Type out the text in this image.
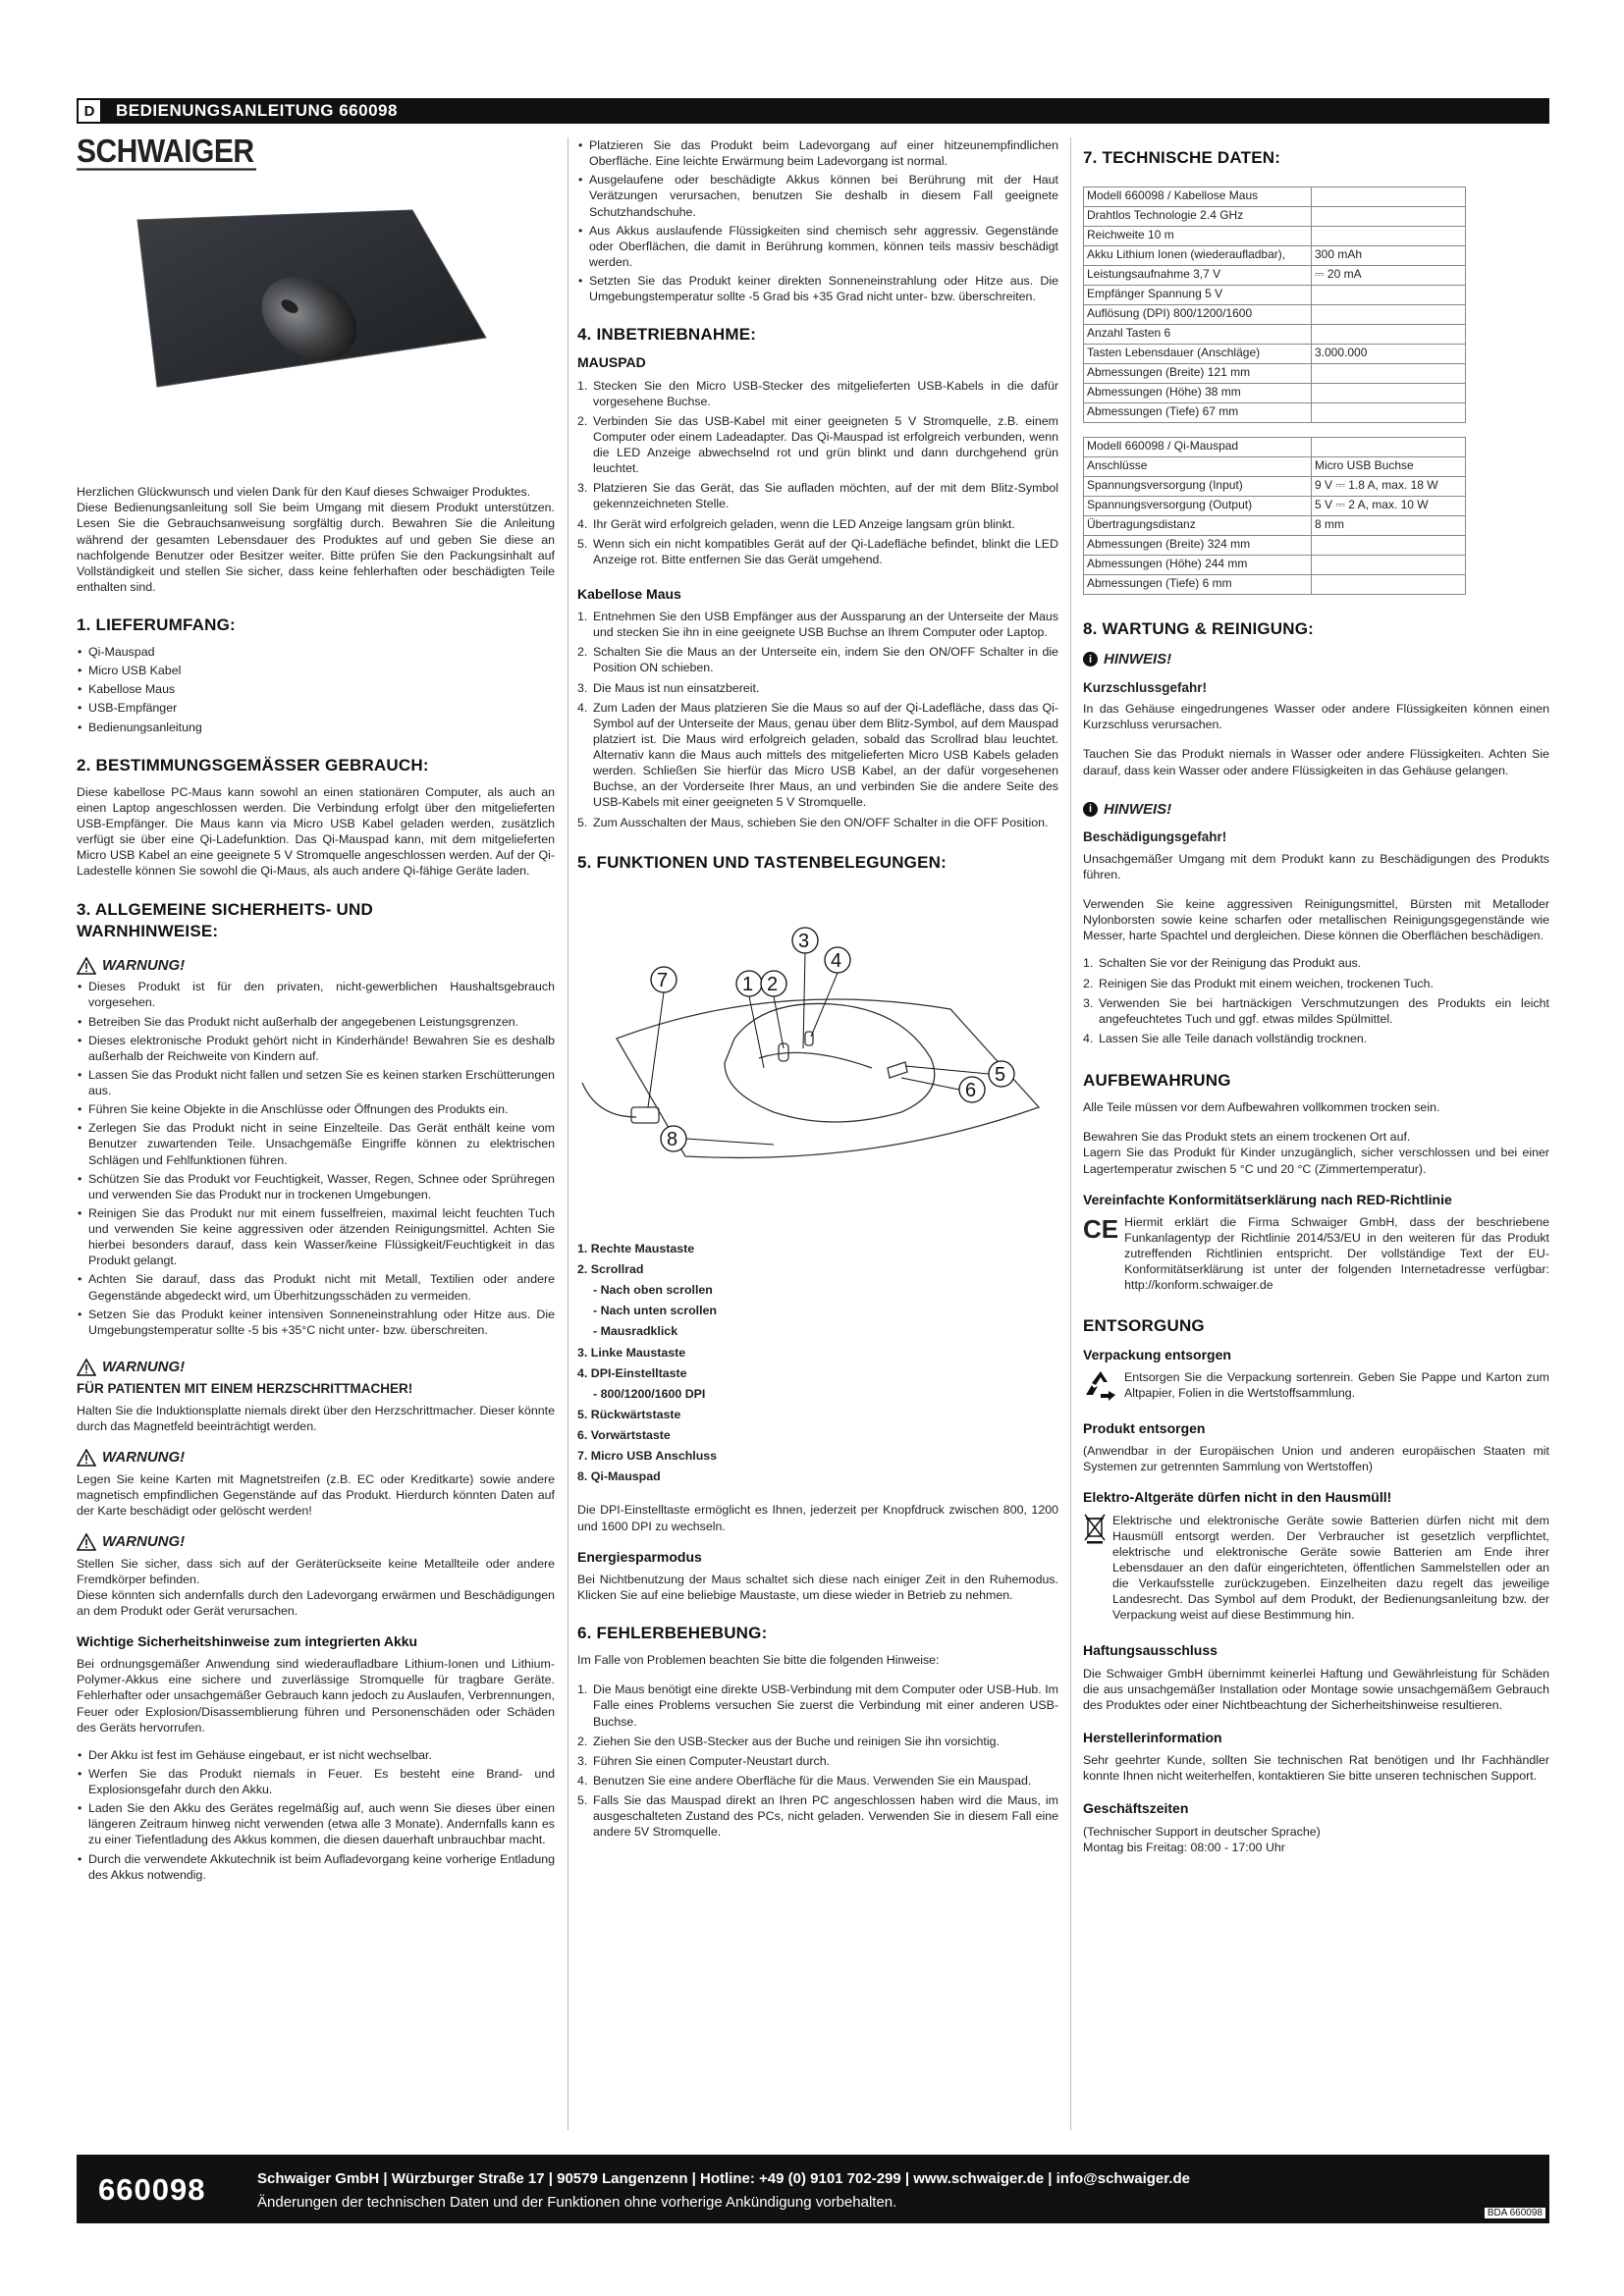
D	BEDIENUNGSANLEITUNG 660098
SCHWAIGER
Herzlichen Glückwunsch und vielen Dank für den Kauf dieses Schwaiger Produktes.
Diese Bedienungsanleitung soll Sie beim Umgang mit diesem Produkt unterstützen. Lesen Sie die Gebrauchsanweisung sorgfältig durch. Bewahren Sie die Anleitung während der gesamten Lebensdauer des Produktes auf und geben Sie diese an nachfolgende Benutzer oder Besitzer weiter. Bitte prüfen Sie den Packungsinhalt auf Vollständigkeit und stellen Sie sicher, dass keine fehlerhaften oder beschädigten Teile enthalten sind.
1. LIEFERUMFANG:
• Qi-Mauspad
• Micro USB Kabel
• Kabellose Maus
• USB-Empfänger
• Bedienungsanleitung
2. BESTIMMUNGSGEMÄSSER GEBRAUCH:

Diese kabellose PC-Maus kann sowohl an einen stationären Computer, als auch an einen Laptop angeschlossen werden. Die Verbindung erfolgt über den mitgelieferten USB-Empfänger. Die Maus kann via Micro USB Kabel geladen werden, zusätzlich verfügt sie über eine Qi-Ladefunktion. Das Qi-Mauspad kann, mit dem mitgelieferten Micro USB Kabel an eine geeignete 5 V Stromquelle angeschlossen werden. Auf der Qi-Ladestelle können Sie sowohl die Qi-Maus, als auch andere Qi-fähige Geräte laden.

3. ALLGEMEINE SICHERHEITS- UND WARNHINWEISE:
WARNUNG!
• Dieses Produkt ist für den privaten, nicht-gewerblichen Haushaltsgebrauch vorgesehen.
• Betreiben Sie das Produkt nicht außerhalb der angegebenen Leistungsgrenzen.
• Dieses elektronische Produkt gehört nicht in Kinderhände! Bewahren Sie es deshalb außerhalb der Reichweite von Kindern auf.
• Lassen Sie das Produkt nicht fallen und setzen Sie es keinen starken Erschütterungen aus.
• Führen Sie keine Objekte in die Anschlüsse oder Öffnungen des Produkts ein.
• Zerlegen Sie das Produkt nicht in seine Einzelteile. Das Gerät enthält keine vom Benutzer zuwartenden Teile. Unsachgemäße Eingriffe können zu elektrischen Schlägen und Fehlfunktionen führen.
• Schützen Sie das Produkt vor Feuchtigkeit, Wasser, Regen, Schnee oder Sprühregen und verwenden Sie das Produkt nur in trockenen Umgebungen.
• Reinigen Sie das Produkt nur mit einem fusselfreien, maximal leicht feuchten Tuch und verwenden Sie keine aggressiven oder ätzenden Reinigungsmittel. Achten Sie hierbei besonders darauf, dass kein Wasser/keine Flüssigkeit/Feuchtigkeit in das Produkt gelangt.
• Achten Sie darauf, dass das Produkt nicht mit Metall, Textilien oder andere Gegenstände abgedeckt wird, um Überhitzungsschäden zu vermeiden.
• Setzen Sie das Produkt keiner intensiven Sonneneinstrahlung oder Hitze aus. Die Umgebungstemperatur sollte -5 bis +35°C nicht unter- bzw. überschreiten.
WARNUNG!
FÜR PATIENTEN MIT EINEM HERZSCHRITTMACHER!

Halten Sie die Induktionsplatte niemals direkt über den Herzschrittmacher. Dieser könnte durch das Magnetfeld beeinträchtigt werden.

WARNUNG!

Legen Sie keine Karten mit Magnetstreifen (z.B. EC oder Kreditkarte) sowie andere magnetisch empfindlichen Gegenstände auf das Produkt. Hierdurch könnten Daten auf der Karte beschädigt oder gelöscht werden!

WARNUNG!

Stellen Sie sicher, dass sich auf der Geräterückseite keine Metallteile oder andere Fremdkörper befinden.
Diese könnten sich andernfalls durch den Ladevorgang erwärmen und Beschädigungen an dem Produkt oder Gerät verursachen.

Wichtige Sicherheitshinweise zum integrierten Akku

Bei ordnungsgemäßer Anwendung sind wiederaufladbare Lithium-Ionen und Lithium-Polymer-Akkus eine sichere und zuverlässige Stromquelle für tragbare Geräte. Fehlerhafter oder unsachgemäßer Gebrauch kann jedoch zu Auslaufen, Verbrennungen, Feuer oder Explosion/Disassemblierung führen und Personenschäden oder Schäden des Geräts hervorrufen.

• Der Akku ist fest im Gehäuse eingebaut, er ist nicht wechselbar.
• Werfen Sie das Produkt niemals in Feuer. Es besteht eine Brand- und Explosionsgefahr durch den Akku.
• Laden Sie den Akku des Gerätes regelmäßig auf, auch wenn Sie dieses über einen längeren Zeitraum hinweg nicht verwenden (etwa alle 3 Monate). Andernfalls kann es zu einer Tiefentladung des Akkus kommen, die diesen dauerhaft unbrauchbar macht.
• Durch die verwendete Akkutechnik ist beim Aufladevorgang keine vorherige Entladung des Akkus notwendig.
• Platzieren Sie das Produkt beim Ladevorgang auf einer hitzeunempfindlichen Oberfläche. Eine leichte Erwärmung beim Ladevorgang ist normal.
• Ausgelaufene oder beschädigte Akkus können bei Berührung mit der Haut Verätzungen verursachen, benutzen Sie deshalb in diesem Fall geeignete Schutzhandschuhe.
• Aus Akkus auslaufende Flüssigkeiten sind chemisch sehr aggressiv. Gegenstände oder Oberflächen, die damit in Berührung kommen, können teils massiv beschädigt werden.
• Setzten Sie das Produkt keiner direkten Sonneneinstrahlung oder Hitze aus. Die Umgebungstemperatur sollte -5 Grad bis +35 Grad nicht unter- bzw. überschreiten.
4. INBETRIEBNAHME:
MAUSPAD
1. Stecken Sie den Micro USB-Stecker des mitgelieferten USB-Kabels in die dafür vorgesehene Buchse.
2. Verbinden Sie das USB-Kabel mit einer geeigneten 5 V Stromquelle, z.B. einem Computer oder einem Ladeadapter. Das Qi-Mauspad ist erfolgreich verbunden, wenn die LED Anzeige abwechselnd rot und grün blinkt und dann durchgehend grün leuchtet.
3. Platzieren Sie das Gerät, das Sie aufladen möchten, auf der mit dem Blitz-Symbol gekennzeichneten Stelle.
4. Ihr Gerät wird erfolgreich geladen, wenn die LED Anzeige langsam grün blinkt.
5. Wenn sich ein nicht kompatibles Gerät auf der Qi-Ladefläche befindet, blinkt die LED Anzeige rot. Bitte entfernen Sie das Gerät umgehend.
Kabellose Maus
1. Entnehmen Sie den USB Empfänger aus der Aussparung an der Unterseite der Maus und stecken Sie ihn in eine geeignete USB Buchse an Ihrem Computer oder Laptop.
2. Schalten Sie die Maus an der Unterseite ein, indem Sie den ON/OFF Schalter in die Position ON schieben.
3. Die Maus ist nun einsatzbereit.
4. Zum Laden der Maus platzieren Sie die Maus so auf der Qi-Ladefläche, dass das Qi-Symbol auf der Unterseite der Maus, genau über dem Blitz-Symbol, auf dem Mauspad platziert ist. Die Maus wird erfolgreich geladen, sobald das Scrollrad blau leuchtet. Alternativ kann die Maus auch mittels des mitgelieferten Micro USB Kabels geladen werden. Schließen Sie hierfür das Micro USB Kabel, an der dafür vorgesehenen Buchse, an der Vorderseite Ihrer Maus, an und verbinden Sie die andere Seite des USB-Kabels mit einer geeigneten 5 V Stromquelle.
5. Zum Ausschalten der Maus, schieben Sie den ON/OFF Schalter in die OFF Position.
5. FUNKTIONEN UND TASTENBELEGUNGEN:
7	1 2
3
4
5
6
8
1. Rechte Maustaste
2. Scrollrad
- Nach oben scrollen
- Nach unten scrollen
- Mausradklick
3. Linke Maustaste
4. DPI-Einstelltaste
- 800/1200/1600 DPI
5. Rückwärtstaste
6. Vorwärtstaste
7. Micro USB Anschluss
8. Qi-Mauspad

Die DPI-Einstelltaste ermöglicht es Ihnen, jederzeit per Knopfdruck zwischen 800, 1200 und 1600 DPI zu wechseln.

Energiesparmodus

Bei Nichtbenutzung der Maus schaltet sich diese nach einiger Zeit in den Ruhemodus. Klicken Sie auf eine beliebige Maustaste, um diese wieder in Betrieb zu nehmen.

6. FEHLERBEHEBUNG:

Im Falle von Problemen beachten Sie bitte die folgenden Hinweise:

1. Die Maus benötigt eine direkte USB-Verbindung mit dem Computer oder USB-Hub. Im Falle eines Problems versuchen Sie zuerst die Verbindung mit einer anderen USB-Buchse.
2. Ziehen Sie den USB-Stecker aus der Buche und reinigen Sie ihn vorsichtig.
3. Führen Sie einen Computer-Neustart durch.
4. Benutzen Sie eine andere Oberfläche für die Maus. Verwenden Sie ein Mauspad.
5. Falls Sie das Mauspad direkt an Ihren PC angeschlossen haben wird die Maus, im ausgeschalteten Zustand des PCs, nicht geladen. Verwenden Sie in diesem Fall eine andere 5V Stromquelle.
7. TECHNISCHE DATEN:
Modell 660098 / Kabellose Maus	
Drahtlos Technologie 2.4 GHz	
Reichweite 10 m	
Akku Lithium Ionen (wiederaufladbar),	300 mAh
Leistungsaufnahme 3,7 V	⎓ 20 mA
Empfänger Spannung 5 V	
Auflösung (DPI) 800/1200/1600	
Anzahl Tasten 6	
Tasten Lebensdauer (Anschläge)	3.000.000
Abmessungen (Breite) 121 mm	
Abmessungen (Höhe) 38 mm	
Abmessungen (Tiefe) 67 mm	
Modell 660098 / Qi-Mauspad	
Anschlüsse	Micro USB Buchse
Spannungsversorgung (Input)	9 V ⎓ 1.8 A, max. 18 W
Spannungsversorgung (Output)	5 V ⎓ 2 A, max. 10 W
Übertragungsdistanz	8 mm
Abmessungen (Breite) 324 mm	
Abmessungen (Höhe) 244 mm	
Abmessungen (Tiefe) 6 mm	
8. WARTUNG & REINIGUNG:
i HINWEIS!
Kurzschlussgefahr!

In das Gehäuse eingedrungenes Wasser oder andere Flüssigkeiten können einen Kurzschluss verursachen.

Tauchen Sie das Produkt niemals in Wasser oder andere Flüssigkeiten. Achten Sie darauf, dass kein Wasser oder andere Flüssigkeiten in das Gehäuse gelangen.

i HINWEIS!
Beschädigungsgefahr!

Unsachgemäßer Umgang mit dem Produkt kann zu Beschädigungen des Produkts führen.

Verwenden Sie keine aggressiven Reinigungsmittel, Bürsten mit Metalloder Nylonborsten sowie keine scharfen oder metallischen Reinigungsgegenstände wie Messer, harte Spachtel und dergleichen. Diese können die Oberflächen beschädigen.

1. Schalten Sie vor der Reinigung das Produkt aus.
2. Reinigen Sie das Produkt mit einem weichen, trockenen Tuch.
3. Verwenden Sie bei hartnäckigen Verschmutzungen des Produkts ein leicht angefeuchtetes Tuch und ggf. etwas mildes Spülmittel.
4. Lassen Sie alle Teile danach vollständig trocknen.
AUFBEWAHRUNG

Alle Teile müssen vor dem Aufbewahren vollkommen trocken sein.

Bewahren Sie das Produkt stets an einem trockenen Ort auf.
Lagern Sie das Produkt für Kinder unzugänglich, sicher verschlossen und bei einer Lagertemperatur zwischen 5 °C und 20 °C (Zimmertemperatur).

Vereinfachte Konformitätserklärung nach RED-Richtlinie
CE Hiermit erklärt die Firma Schwaiger GmbH, dass der beschriebene Funkanlagentyp der Richtlinie 2014/53/EU in den weiteren für das Produkt zutreffenden Richtlinien entspricht. Der vollständige Text der EU-Konformitätserklärung ist unter der folgenden Internetadresse verfügbar: http://konform.schwaiger.de

ENTSORGUNG
Verpackung entsorgen

Entsorgen Sie die Verpackung sortenrein. Geben Sie Pappe und Karton zum Altpapier, Folien in die Wertstoffsammlung.

Produkt entsorgen

(Anwendbar in der Europäischen Union und anderen europäischen Staaten mit Systemen zur getrennten Sammlung von Wertstoffen)

Elektro-Altgeräte dürfen nicht in den Hausmüll!

Elektrische und elektronische Geräte sowie Batterien dürfen nicht mit dem Hausmüll entsorgt werden. Der Verbraucher ist gesetzlich verpflichtet, elektrische und elektronische Geräte sowie Batterien am Ende ihrer Lebensdauer an den dafür eingerichteten, öffentlichen Sammelstellen oder an die Verkaufsstelle zurückzugeben. Einzelheiten dazu regelt das jeweilige Landesrecht. Das Symbol auf dem Produkt, der Bedienungsanleitung bzw. der Verpackung weist auf diese Bestimmung hin.

Haftungsausschluss

Die Schwaiger GmbH übernimmt keinerlei Haftung und Gewährleistung für Schäden die aus unsachgemäßer Installation oder Montage sowie unsachgemäßem Gebrauch des Produktes oder einer Nichtbeachtung der Sicherheitshinweise resultieren.

Herstellerinformation

Sehr geehrter Kunde, sollten Sie technischen Rat benötigen und Ihr Fachhändler konnte Ihnen nicht weiterhelfen, kontaktieren Sie bitte unseren technischen Support.

Geschäftszeiten

(Technischer Support in deutscher Sprache)
Montag bis Freitag: 08:00 - 17:00 Uhr

660098	Schwaiger GmbH | Würzburger Straße 17 | 90579 Langenzenn | Hotline: +49 (0) 9101 702-299 | www.schwaiger.de | info@schwaiger.de
Änderungen der technischen Daten und der Funktionen ohne vorherige Ankündigung vorbehalten.
BDA 660098
